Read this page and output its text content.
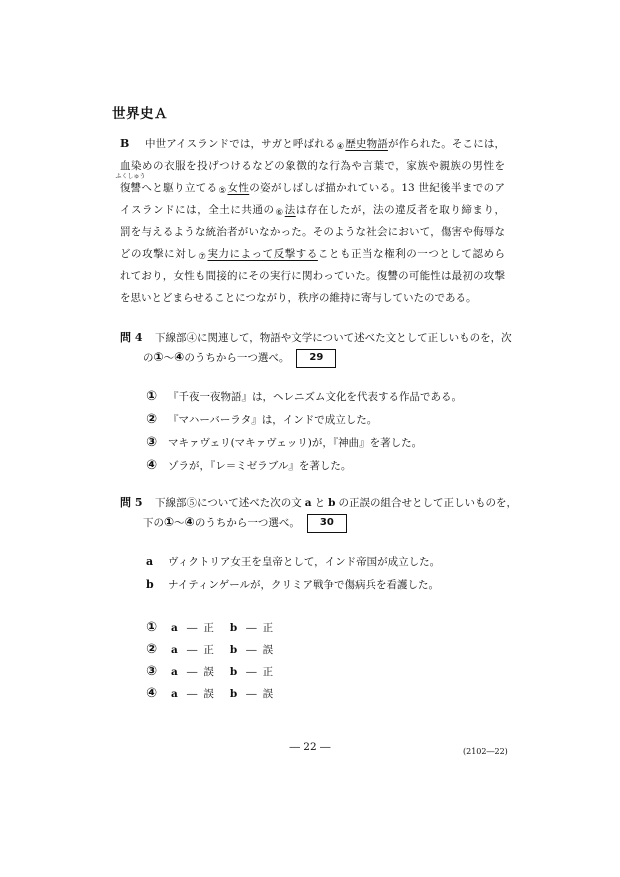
世界史Ａ
B	中世アイスランドでは，サガと呼ばれる④歴史物語が作られた。そこには，
血染めの衣服を投げつけるなどの象徴的な行為や言葉で，家族や親族の男性を
復讐
ふくしゅう
へと駆り立てる⑤女性の姿がしばしば描かれている。13 世紀後半までのア
イスランドには，全土に共通の⑥法は存在したが，法の違反者を取り締まり，
罰を与えるような統治者がいなかった。そのような社会において，傷害や侮辱な
どの攻撃に対し⑦実力によって反撃することも正当な権利の一つとして認めら
れており，女性も間接的にその実行に関わっていた。復讐の可能性は最初の攻撃
を思いとどまらせることにつながり，秩序の維持に寄与していたのである。
問 4 下線部④に関連して，物語や文学について述べた文として正しいものを，次
の①～④のうちから一つ選べ。 29
① 『千夜一夜物語』は，ヘレニズム文化を代表する作品である。
② 『マハーバーラタ』は，インドで成立した。
③ マキァヴェリ(マキァヴェッリ)が，『神曲』を著した。
④ ゾラが，『レ＝ミゼラブル』を著した。
問 5 下線部⑤について述べた次の文 a と b の正誤の組合せとして正しいものを，
下の①～④のうちから一つ選べ。 30
a ヴィクトリア女王を皇帝として，インド帝国が成立した。
b ナイティンゲールが，クリミア戦争で傷病兵を看護した。
① a ― 正 b ― 正
② a ― 正 b ― 誤
③ a ― 誤 b ― 正
④ a ― 誤 b ― 誤
― 22 ―	(2102―22)
